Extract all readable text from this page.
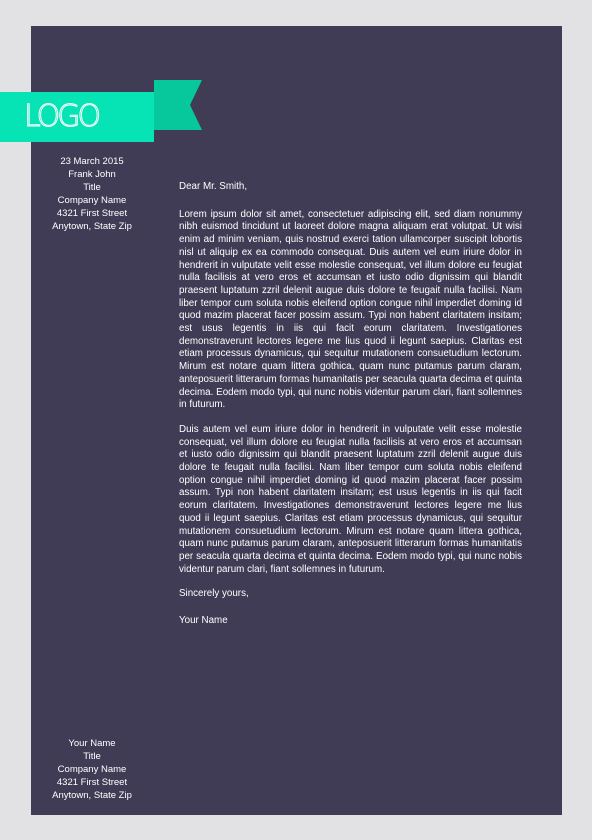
LOGO
23 March 2015
Frank John
Title
Company Name
4321 First Street
Anytown, State Zip

Dear Mr. Smith,

Lorem ipsum dolor sit amet, consectetuer adipiscing elit, sed diam nonummy nibh euismod tincidunt ut laoreet dolore magna aliquam erat volutpat. Ut wisi enim ad minim veniam, quis nostrud exerci tation ullamcorper suscipit lobortis nisl ut aliquip ex ea commodo consequat. Duis autem vel eum iriure dolor in hendrerit in vulputate velit esse molestie consequat, vel illum dolore eu feugiat nulla facilisis at vero eros et accumsan et iusto odio dignissim qui blandit praesent luptatum zzril delenit augue duis dolore te feugait nulla facilisi. Nam liber tempor cum soluta nobis eleifend option congue nihil imperdiet doming id quod mazim placerat facer possim assum. Typi non habent claritatem insitam; est usus legentis in iis qui facit eorum claritatem. Investigationes demonstraverunt lectores legere me lius quod ii legunt saepius. Claritas est etiam processus dynamicus, qui sequitur mutationem consuetudium lectorum. Mirum est notare quam littera gothica, quam nunc putamus parum claram, anteposuerit litterarum formas humanitatis per seacula quarta decima et quinta decima. Eodem modo typi, qui nunc nobis videntur parum clari, fiant sollemnes in futurum.

Duis autem vel eum iriure dolor in hendrerit in vulputate velit esse molestie consequat, vel illum dolore eu feugiat nulla facilisis at vero eros et accumsan et iusto odio dignissim qui blandit praesent luptatum zzril delenit augue duis dolore te feugait nulla facilisi. Nam liber tempor cum soluta nobis eleifend option congue nihil imperdiet doming id quod mazim placerat facer possim assum. Typi non habent claritatem insitam; est usus legentis in iis qui facit eorum claritatem. Investigationes demonstraverunt lectores legere me lius quod ii legunt saepius. Claritas est etiam processus dynamicus, qui sequitur mutationem consuetudium lectorum. Mirum est notare quam littera gothica, quam nunc putamus parum claram, anteposuerit litterarum formas humanitatis per seacula quarta decima et quinta decima. Eodem modo typi, qui nunc nobis videntur parum clari, fiant sollemnes in futurum.

Sincerely yours,

Your Name

Your Name
Title
Company Name
4321 First Street
Anytown, State Zip
